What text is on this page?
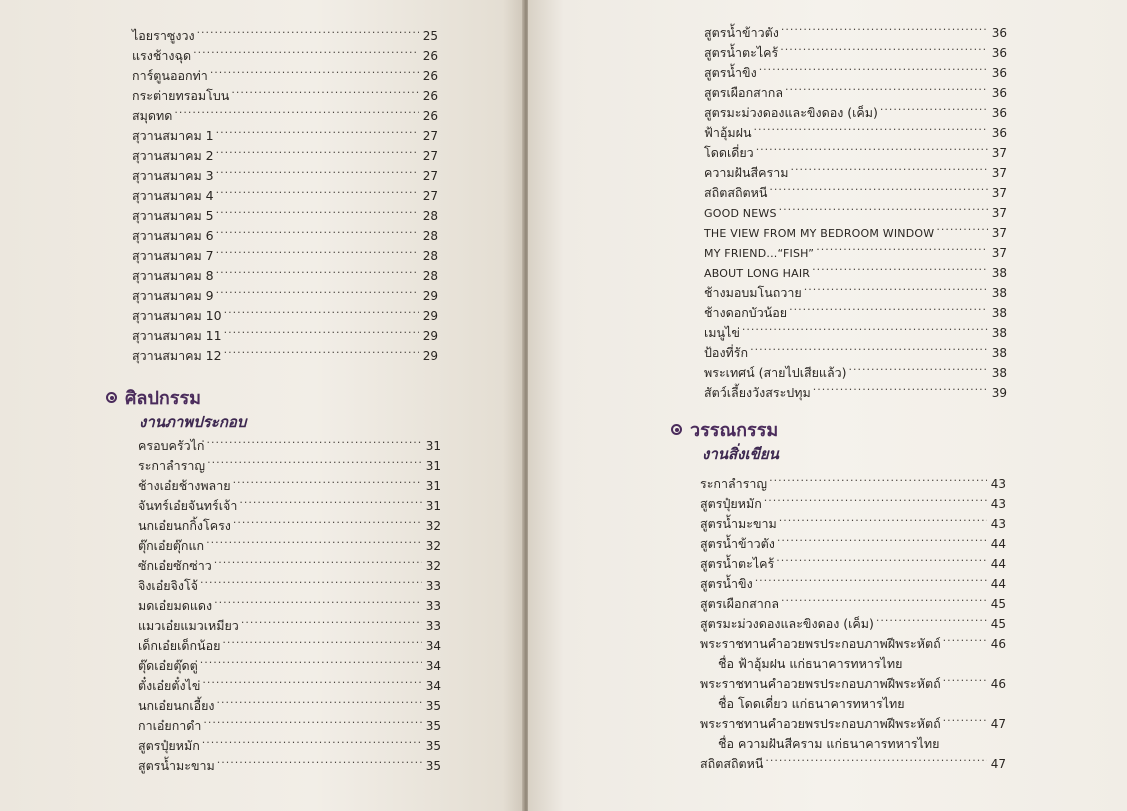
ไอยราซูงวง .....	25
แรงช้างฉุด .....	26
การ์ตูนออกท่า .....	26
กระต่ายทรอมโบน .....	26
สมุดทด .....	26
สุวานสมาคม 1 .....	27
สุวานสมาคม 2 .....	27
สุวานสมาคม 3 .....	27
สุวานสมาคม 4 .....	27
สุวานสมาคม 5 .....	28
สุวานสมาคม 6 .....	28
สุวานสมาคม 7 .....	28
สุวานสมาคม 8 .....	28
สุวานสมาคม 9 .....	29
สุวานสมาคม 10 .....	29
สุวานสมาคม 11 .....	29
สุวานสมาคม 12 .....	29
ศิลปกรรม
งานภาพประกอบ
ครอบครัวไก่ .....	31
ระกาลำราญ .....	31
ช้างเอ๋ยช้างพลาย .....	31
จันทร์เอ๋ยจันทร์เจ้า .....	31
นกเอ๋ยนกกิ้งโครง .....	32
ตุ๊กเอ๋ยตุ๊กแก .....	32
ซักเอ๋ยซักซ่าว .....	32
จิงเอ๋ยจิงโจ้ .....	33
มดเอ๋ยมดแดง .....	33
แมวเอ๋ยแมวเหมียว .....	33
เด็กเอ๋ยเด็กน้อย .....	34
ตุ๊ดเอ๋ยตุ๊ดตู่ .....	34
ตั๋งเอ๋ยตั๋งไข่ .....	34
นกเอ๋ยนกเอี้ยง .....	35
กาเอ๋ยกาดำ .....	35
สูตรปุ๋ยหมัก .....	35
สูตรน้ำมะขาม .....	35
สูตรน้ำข้าวตัง .....	36
สูตรน้ำตะไคร้ .....	36
สูตรน้ำขิง .....	36
สูตรเผือกสากล .....	36
สูตรมะม่วงดองและขิงดอง (เค็ม) .....	36
ฟ้าอุ้มฝน .....	36
โดดเดี่ยว .....	37
ความฝันสีคราม .....	37
สถิตสถิตหนี .....	37
GOOD NEWS .....	37
THE VIEW FROM MY BEDROOM WINDOW .....	37
MY FRIEND...“FISH” .....	37
ABOUT LONG HAIR .....	38
ช้างมอบมโนถวาย .....	38
ช้างดอกบัวน้อย .....	38
เมนูไข่ .....	38
ป้องที่รัก .....	38
พระเทศน์ (สายไปเสียแล้ว) .....	38
สัตว์เลี้ยงวังสระปทุม .....	39
วรรณกรรม
งานสิ่งเขียน
ระกาลำราญ .....	43
สูตรปุ๋ยหมัก .....	43
สูตรน้ำมะขาม .....	43
สูตรน้ำข้าวตัง .....	44
สูตรน้ำตะไคร้ .....	44
สูตรน้ำขิง .....	44
สูตรเผือกสากล .....	45
สูตรมะม่วงดองและขิงดอง (เค็ม) .....	45
พระราชทานคำอวยพรประกอบภาพฝีพระหัตถ์ .....	46
ชื่อ ฟ้าอุ้มฝน แก่ธนาคารทหารไทย
พระราชทานคำอวยพรประกอบภาพฝีพระหัตถ์ .....	46
ชื่อ โดดเดี่ยว แก่ธนาคารทหารไทย
พระราชทานคำอวยพรประกอบภาพฝีพระหัตถ์ .....	47
ชื่อ ความฝันสีคราม แก่ธนาคารทหารไทย
สถิตสถิตหนี .....	47
